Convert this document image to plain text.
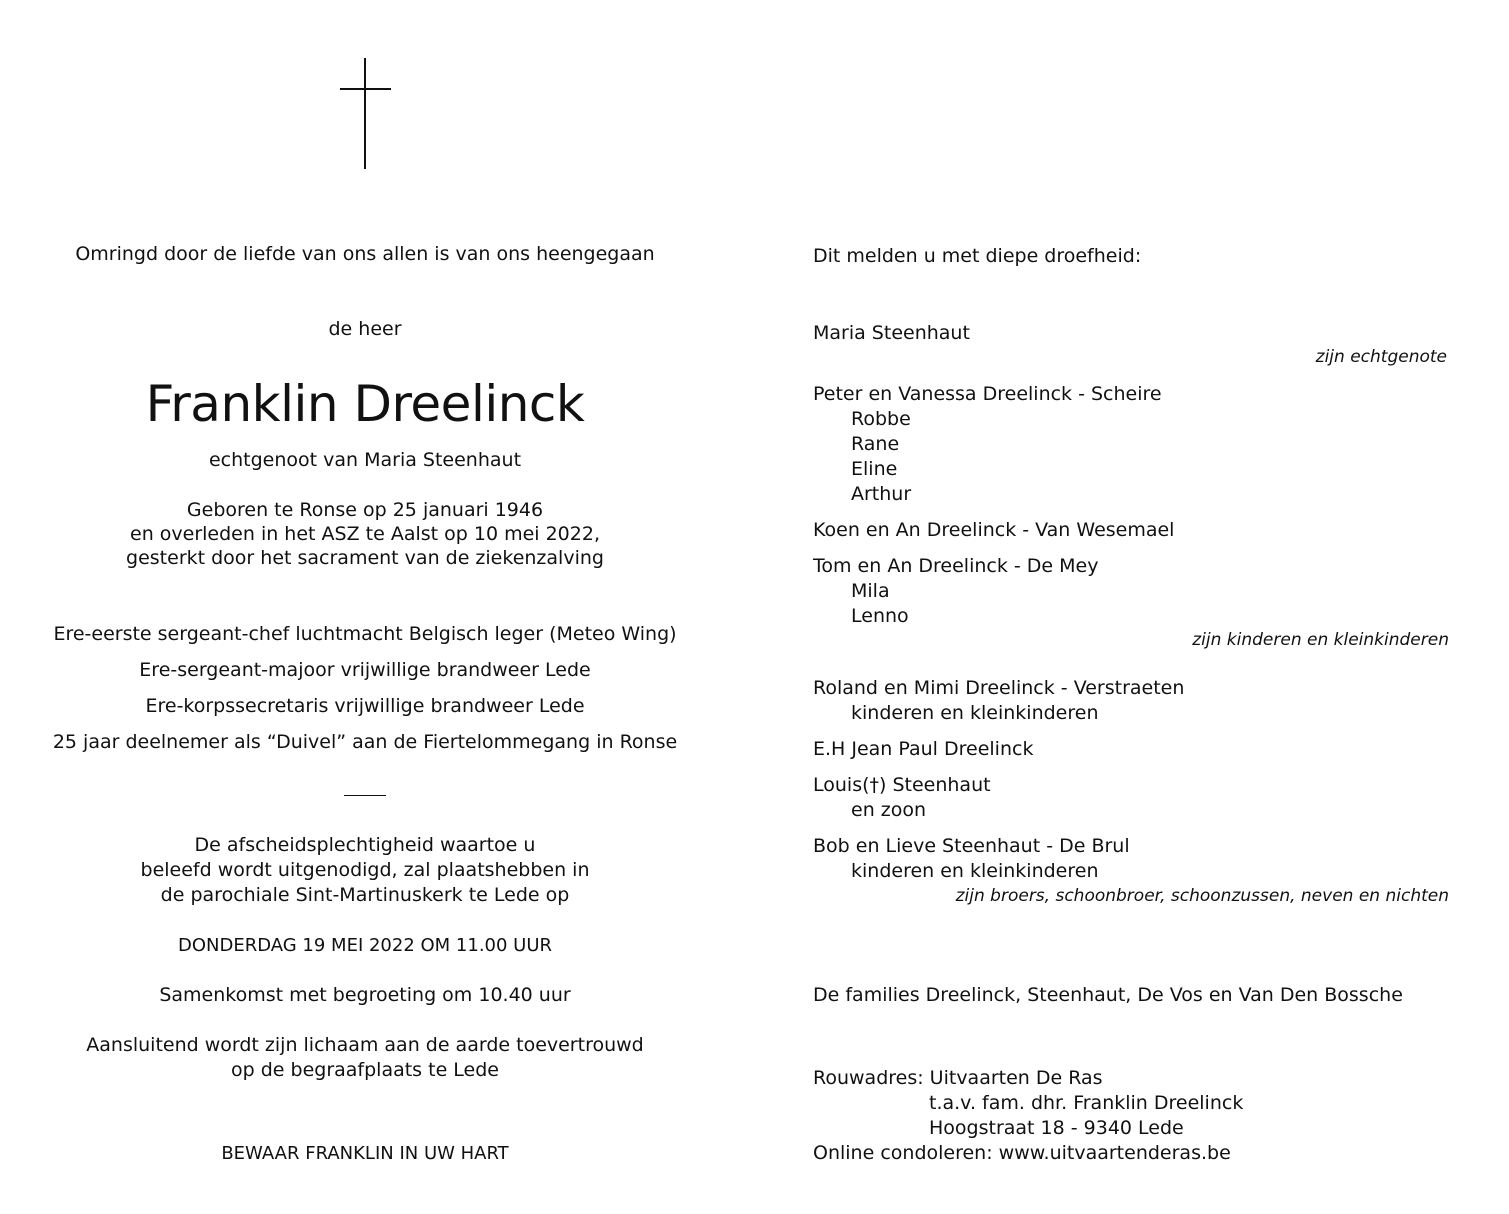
Omringd door de liefde van ons allen is van ons heengegaan
de heer
Franklin Dreelinck
echtgenoot van Maria Steenhaut
Geboren te Ronse op 25 januari 1946
en overleden in het ASZ te Aalst op 10 mei 2022,
gesterkt door het sacrament van de ziekenzalving
Ere-eerste sergeant-chef luchtmacht Belgisch leger (Meteo Wing)
Ere-sergeant-majoor vrijwillige brandweer Lede
Ere-korpssecretaris vrijwillige brandweer Lede
25 jaar deelnemer als “Duivel” aan de Fiertelommegang in Ronse
De afscheidsplechtigheid waartoe u
beleefd wordt uitgenodigd, zal plaatshebben in
de parochiale Sint-Martinuskerk te Lede op
DONDERDAG 19 MEI 2022 OM 11.00 UUR
Samenkomst met begroeting om 10.40 uur
Aansluitend wordt zijn lichaam aan de aarde toevertrouwd
op de begraafplaats te Lede
BEWAAR FRANKLIN IN UW HART
Dit melden u met diepe droefheid:
Maria Steenhaut
zijn echtgenote
Peter en Vanessa Dreelinck - Scheire
Robbe
Rane
Eline
Arthur
Koen en An Dreelinck - Van Wesemael
Tom en An Dreelinck - De Mey
Mila
Lenno
zijn kinderen en kleinkinderen
Roland en Mimi Dreelinck - Verstraeten
kinderen en kleinkinderen
E.H Jean Paul Dreelinck
Louis(†) Steenhaut
en zoon
Bob en Lieve Steenhaut - De Brul
kinderen en kleinkinderen
zijn broers, schoonbroer, schoonzussen, neven en nichten
De families Dreelinck, Steenhaut, De Vos en Van Den Bossche
Rouwadres: Uitvaarten De Ras
t.a.v. fam. dhr. Franklin Dreelinck
Hoogstraat 18 - 9340 Lede
Online condoleren: www.uitvaartenderas.be
